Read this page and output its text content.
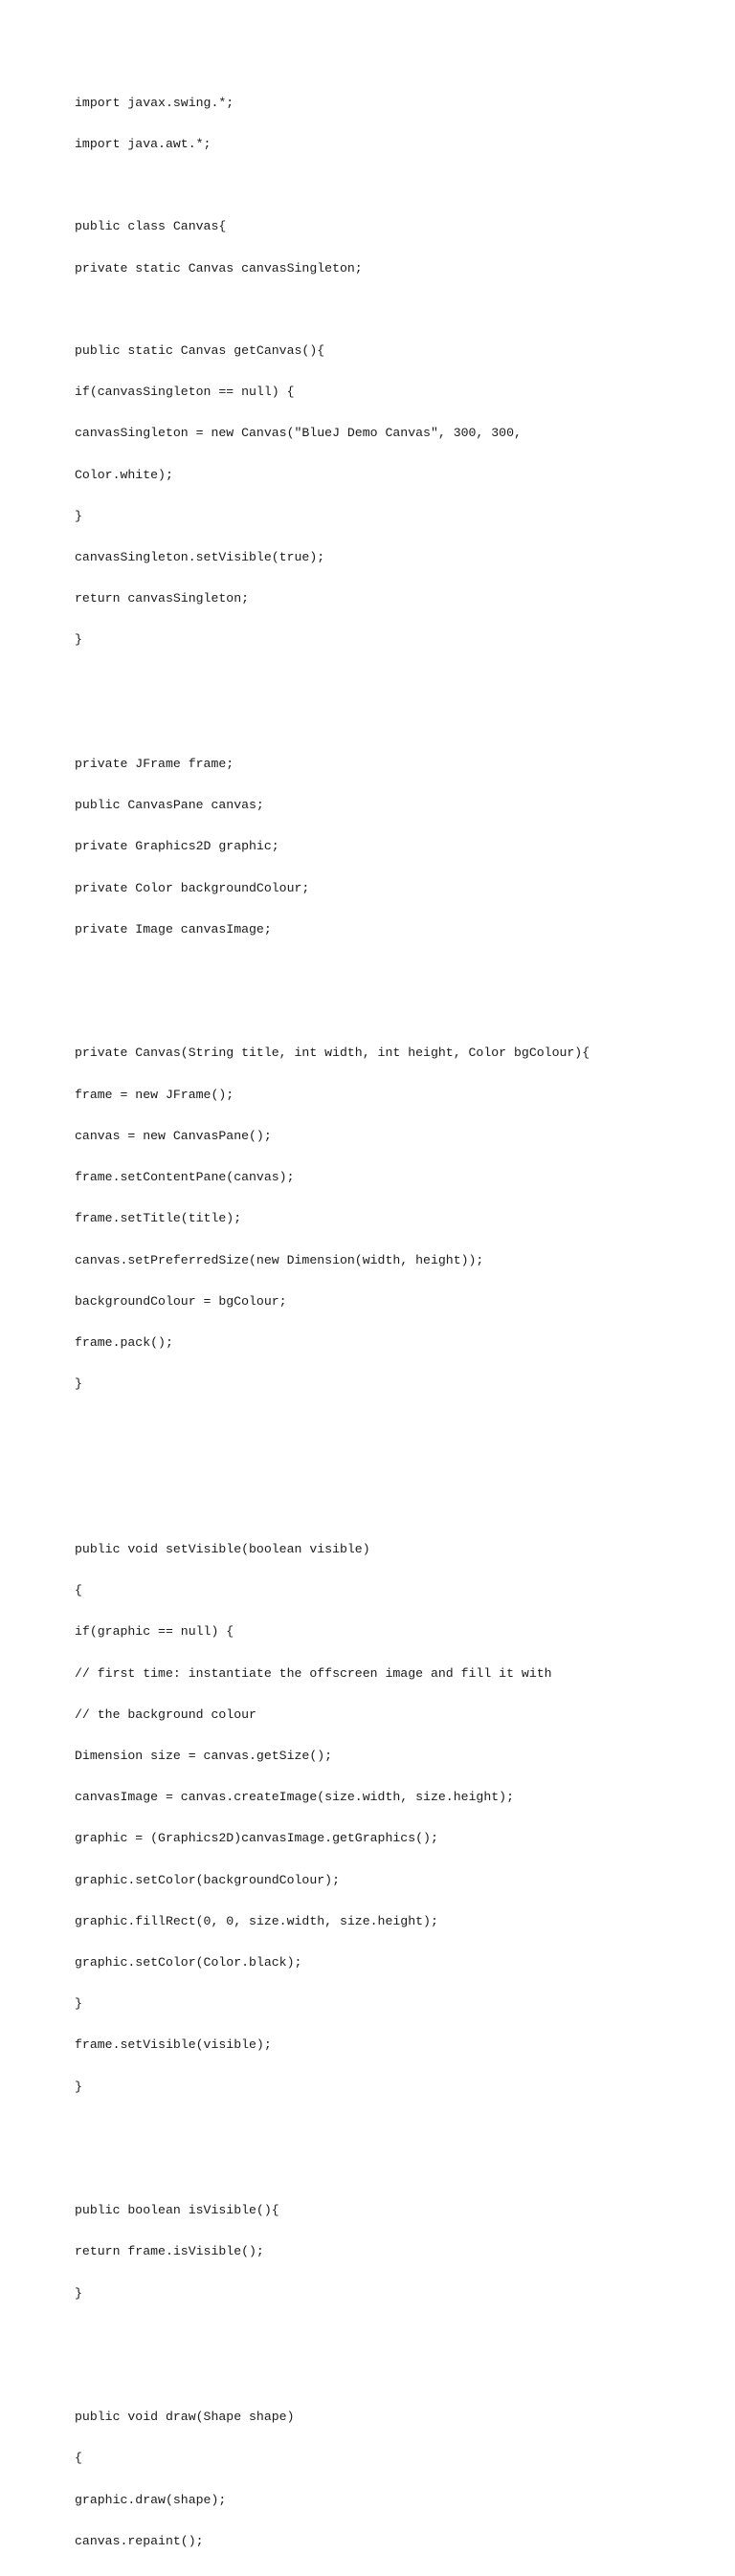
import javax.swing.*;

import java.awt.*;

public class Canvas{

private static Canvas canvasSingleton;

public static Canvas getCanvas(){

if(canvasSingleton == null) {

canvasSingleton = new Canvas("BlueJ Demo Canvas", 300, 300,

Color.white);

}

canvasSingleton.setVisible(true);

return canvasSingleton;

}

private JFrame frame;

public CanvasPane canvas;

private Graphics2D graphic;

private Color backgroundColour;

private Image canvasImage;

private Canvas(String title, int width, int height, Color bgColour){

frame = new JFrame();

canvas = new CanvasPane();

frame.setContentPane(canvas);

frame.setTitle(title);

canvas.setPreferredSize(new Dimension(width, height));

backgroundColour = bgColour;

frame.pack();

}

public void setVisible(boolean visible)

{

if(graphic == null) {

// first time: instantiate the offscreen image and fill it with

// the background colour

Dimension size = canvas.getSize();

canvasImage = canvas.createImage(size.width, size.height);

graphic = (Graphics2D)canvasImage.getGraphics();

graphic.setColor(backgroundColour);

graphic.fillRect(0, 0, size.width, size.height);

graphic.setColor(Color.black);

}

frame.setVisible(visible);

}

public boolean isVisible(){

return frame.isVisible();

}

public void draw(Shape shape)

{

graphic.draw(shape);

canvas.repaint();
